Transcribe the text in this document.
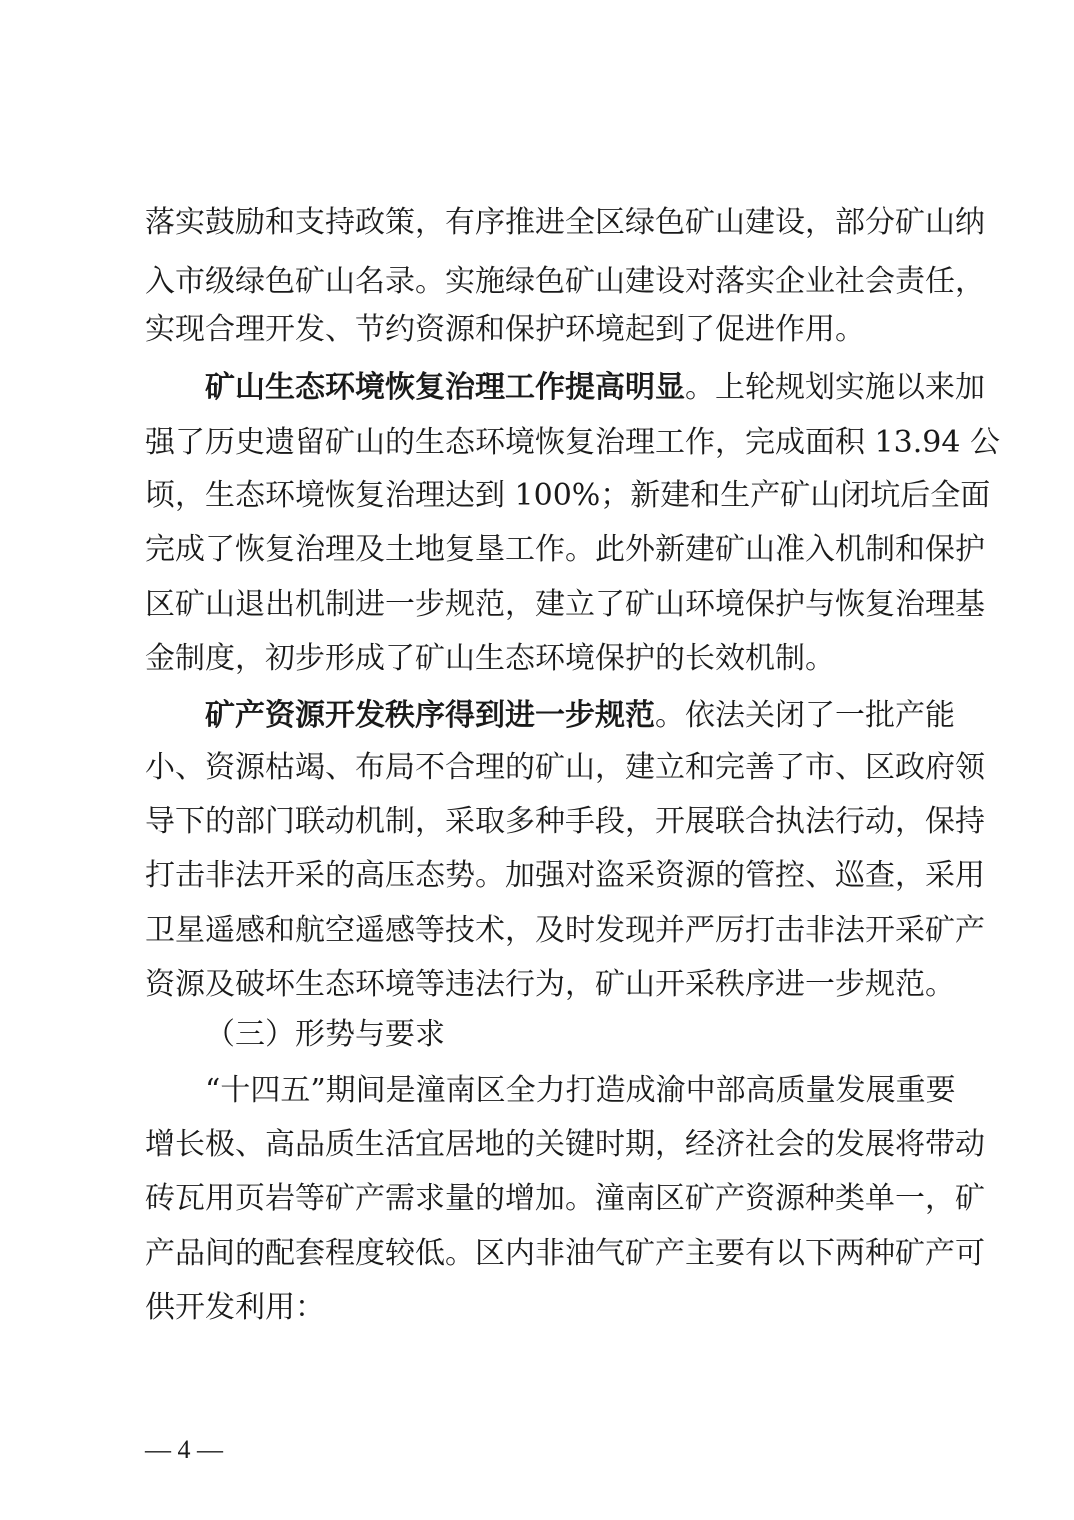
落实鼓励和支持政策，有序推进全区绿色矿山建设，部分矿山纳
入市级绿色矿山名录。实施绿色矿山建设对落实企业社会责任，
实现合理开发、节约资源和保护环境起到了促进作用。
矿山生态环境恢复治理工作提高明显。上轮规划实施以来加
强了历史遗留矿山的生态环境恢复治理工作，完成面积 13.94 公
顷，生态环境恢复治理达到 100%；新建和生产矿山闭坑后全面
完成了恢复治理及土地复垦工作。此外新建矿山准入机制和保护
区矿山退出机制进一步规范，建立了矿山环境保护与恢复治理基
金制度，初步形成了矿山生态环境保护的长效机制。
矿产资源开发秩序得到进一步规范。依法关闭了一批产能
小、资源枯竭、布局不合理的矿山，建立和完善了市、区政府领
导下的部门联动机制，采取多种手段，开展联合执法行动，保持
打击非法开采的高压态势。加强对盗采资源的管控、巡查，采用
卫星遥感和航空遥感等技术，及时发现并严厉打击非法开采矿产
资源及破坏生态环境等违法行为，矿山开采秩序进一步规范。
（三）形势与要求
“十四五”期间是潼南区全力打造成渝中部高质量发展重要
增长极、高品质生活宜居地的关键时期，经济社会的发展将带动
砖瓦用页岩等矿产需求量的增加。潼南区矿产资源种类单一，矿
产品间的配套程度较低。区内非油气矿产主要有以下两种矿产可
供开发利用：
— 4 —
